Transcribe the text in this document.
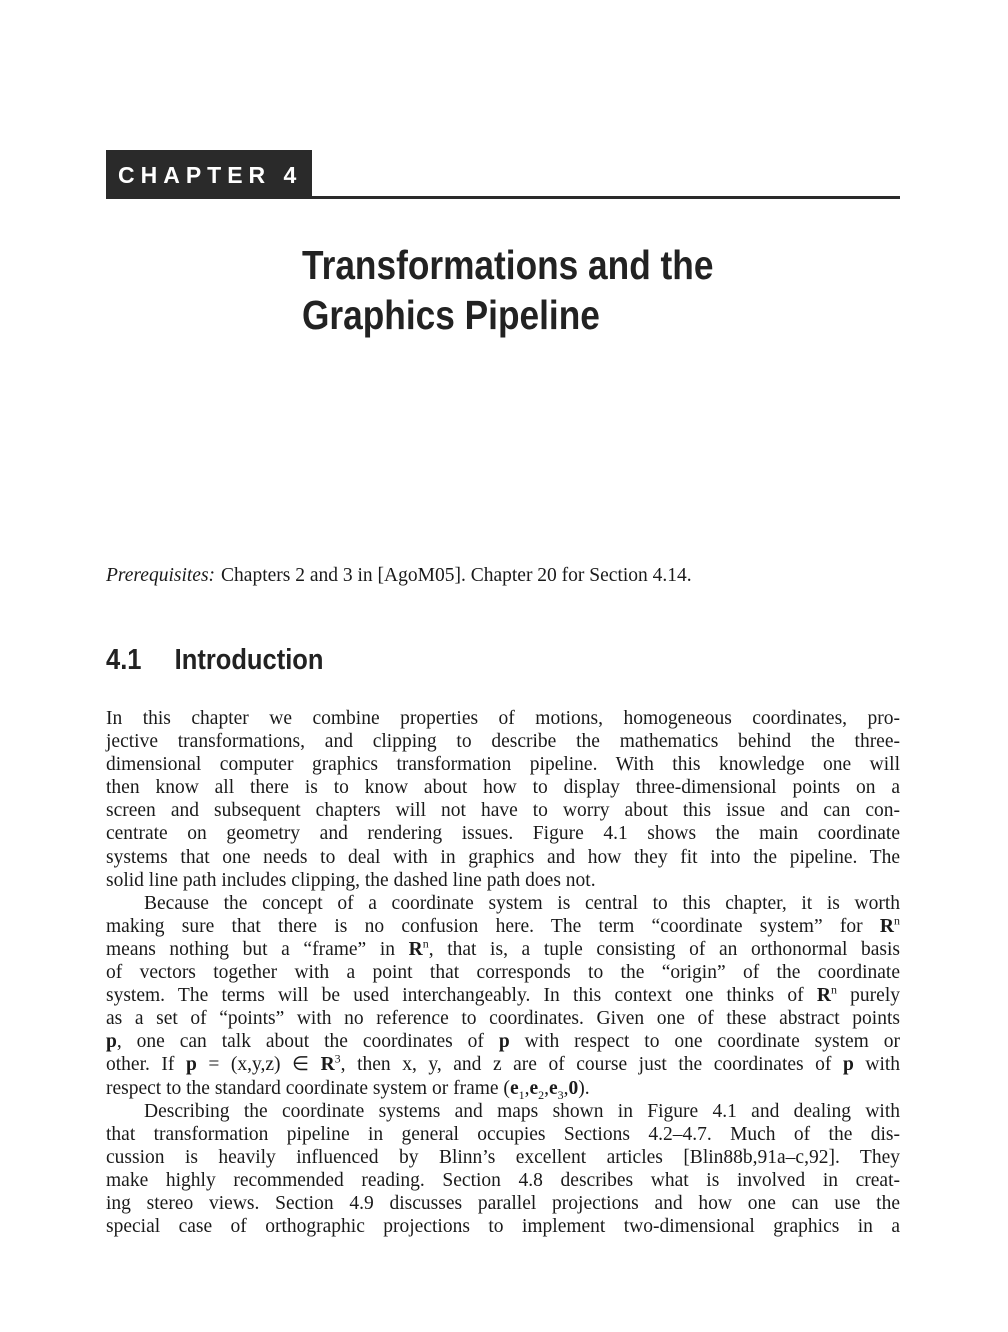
CHAPTER 4
Transformations and the
Graphics Pipeline

Prerequisites: Chapters 2 and 3 in [AgoM05]. Chapter 20 for Section 4.14.

4.1 Introduction
In this chapter we combine properties of motions, homogeneous coordinates, pro-
jective transformations, and clipping to describe the mathematics behind the three-
dimensional computer graphics transformation pipeline. With this knowledge one will
then know all there is to know about how to display three-dimensional points on a
screen and subsequent chapters will not have to worry about this issue and can con-
centrate on geometry and rendering issues. Figure 4.1 shows the main coordinate
systems that one needs to deal with in graphics and how they fit into the pipeline. The
solid line path includes clipping, the dashed line path does not.
Because the concept of a coordinate system is central to this chapter, it is worth
making sure that there is no confusion here. The term “coordinate system” for $R^n$
means nothing but a “frame” in $R^n$, that is, a tuple consisting of an orthonormal basis
of vectors together with a point that corresponds to the “origin” of the coordinate
system. The terms will be used interchangeably. In this context one thinks of $R^n$ purely
as a set of “points” with no reference to coordinates. Given one of these abstract points
p, one can talk about the coordinates of p with respect to one coordinate system or
other. If p = (x,y,z) ∈ $R^3$, then x, y, and z are of course just the coordinates of p with
respect to the standard coordinate system or frame $(e_1,e_2,e_3,0)$.
Describing the coordinate systems and maps shown in Figure 4.1 and dealing with
that transformation pipeline in general occupies Sections 4.2–4.7. Much of the dis-
cussion is heavily influenced by Blinn’s excellent articles [Blin88b,91a–c,92]. They
make highly recommended reading. Section 4.8 describes what is involved in creat-
ing stereo views. Section 4.9 discusses parallel projections and how one can use the
special case of orthographic projections to implement two-dimensional graphics in a
